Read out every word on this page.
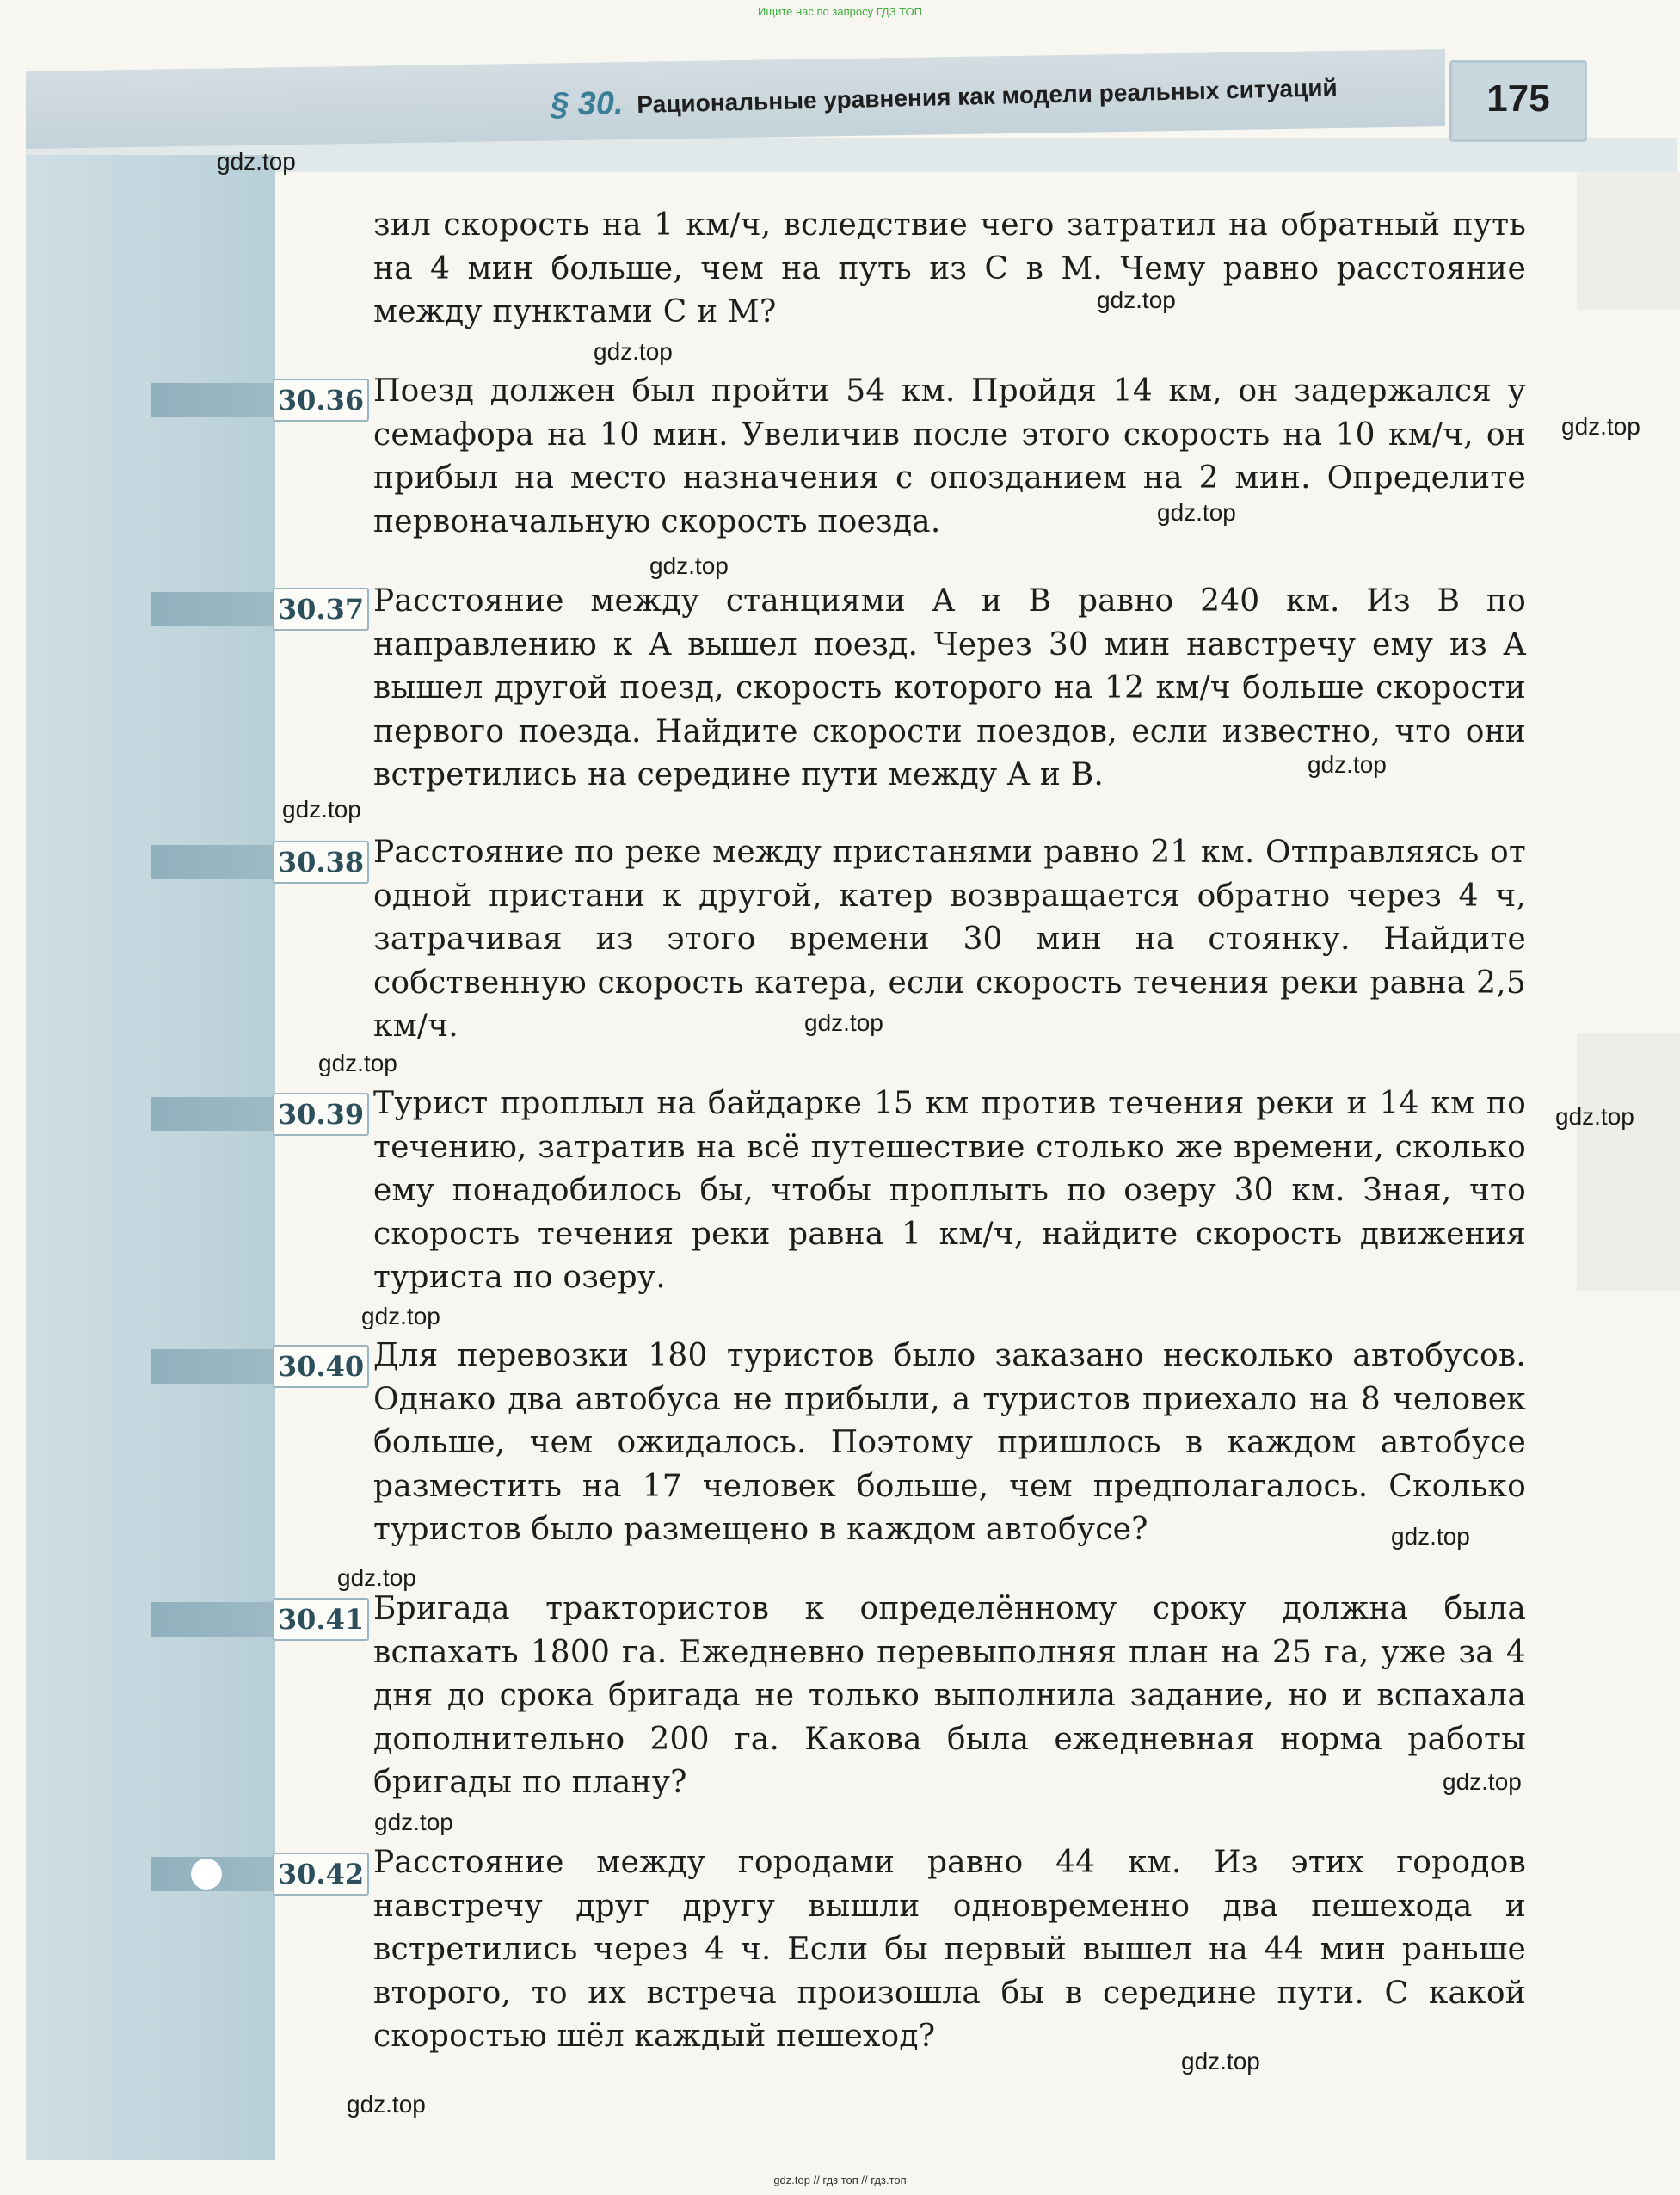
Ищите нас по запросу ГДЗ ТОП
§ 30. Рациональные уравнения как модели реальных ситуаций	175
зил скорость на 1 км/ч, вследствие чего затратил на обратный путь на 4 мин больше, чем на путь из C в M. Чему равно расстояние между пунктами C и M?
30.36 Поезд должен был пройти 54 км. Пройдя 14 км, он задержался у семафора на 10 мин. Увеличив после этого скорость на 10 км/ч, он прибыл на место назначения с опозданием на 2 мин. Определите первоначальную скорость поезда.
30.37 Расстояние между станциями A и B равно 240 км. Из B по направлению к A вышел поезд. Через 30 мин навстречу ему из A вышел другой поезд, скорость которого на 12 км/ч больше скорости первого поезда. Найдите скорости поездов, если известно, что они встретились на середине пути между A и B.
30.38 Расстояние по реке между пристанями равно 21 км. Отправляясь от одной пристани к другой, катер возвращается обратно через 4 ч, затрачивая из этого времени 30 мин на стоянку. Найдите собственную скорость катера, если скорость течения реки равна 2,5 км/ч.
30.39 Турист проплыл на байдарке 15 км против течения реки и 14 км по течению, затратив на всё путешествие столько же времени, сколько ему понадобилось бы, чтобы проплыть по озеру 30 км. Зная, что скорость течения реки равна 1 км/ч, найдите скорость движения туриста по озеру.
30.40 Для перевозки 180 туристов было заказано несколько автобусов. Однако два автобуса не прибыли, а туристов приехало на 8 человек больше, чем ожидалось. Поэтому пришлось в каждом автобусе разместить на 17 человек больше, чем предполагалось. Сколько туристов было размещено в каждом автобусе?
30.41 Бригада трактористов к определённому сроку должна была вспахать 1800 га. Ежедневно перевыполняя план на 25 га, уже за 4 дня до срока бригада не только выполнила задание, но и вспахала дополнительно 200 га. Какова была ежедневная норма работы бригады по плану?
30.42 Расстояние между городами равно 44 км. Из этих городов навстречу друг другу вышли одновременно два пешехода и встретились через 4 ч. Если бы первый вышел на 44 мин раньше второго, то их встреча произошла бы в середине пути. С какой скоростью шёл каждый пешеход?
gdz.top
gdz.top
gdz.top
gdz.top
gdz.top
gdz.top
gdz.top
gdz.top
gdz.top
gdz.top
gdz.top
gdz.top
gdz.top
gdz.top
gdz.top
gdz.top
gdz.top
gdz.top
gdz.top // гдз топ // гдз.топ
